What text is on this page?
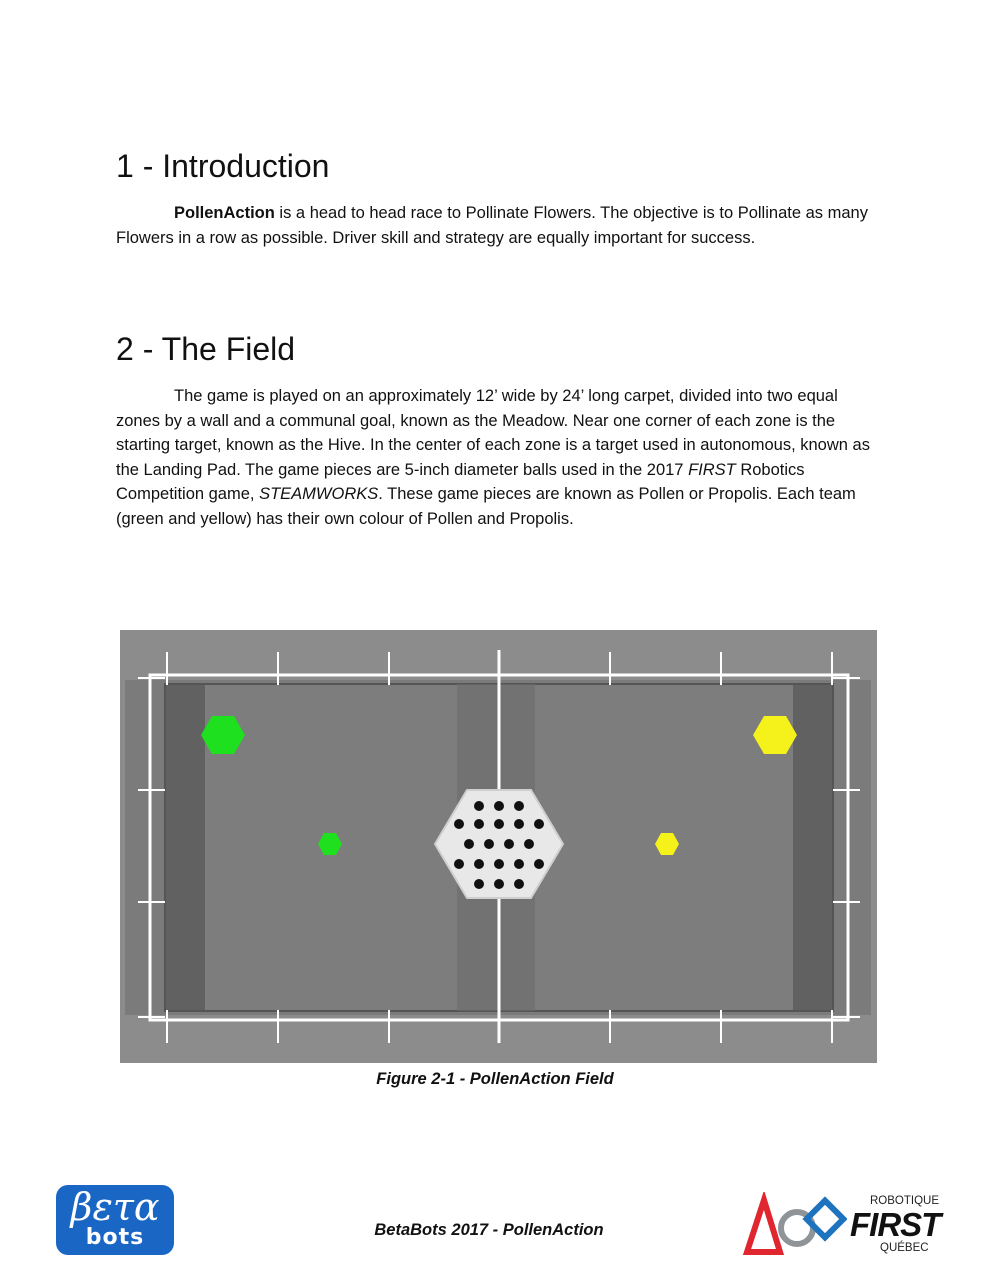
1 - Introduction

PollenAction is a head to head race to Pollinate Flowers. The objective is to Pollinate as many Flowers in a row as possible. Driver skill and strategy are equally important for success.

2 - The Field

The game is played on an approximately 12’ wide by 24’ long carpet, divided into two equal zones by a wall and a communal goal, known as the Meadow. Near one corner of each zone is the starting target, known as the Hive. In the center of each zone is a target used in autonomous, known as the Landing Pad. The game pieces are 5-inch diameter balls used in the 2017 FIRST Robotics Competition game, STEAMWORKS. These game pieces are known as Pollen or Propolis. Each team (green and yellow) has their own colour of Pollen and Propolis.

Figure 2-1 - PollenAction Field
βετα
bots	BetaBots 2017 - PollenAction
ROBOTIQUE
FIRST
QUÉBEC
